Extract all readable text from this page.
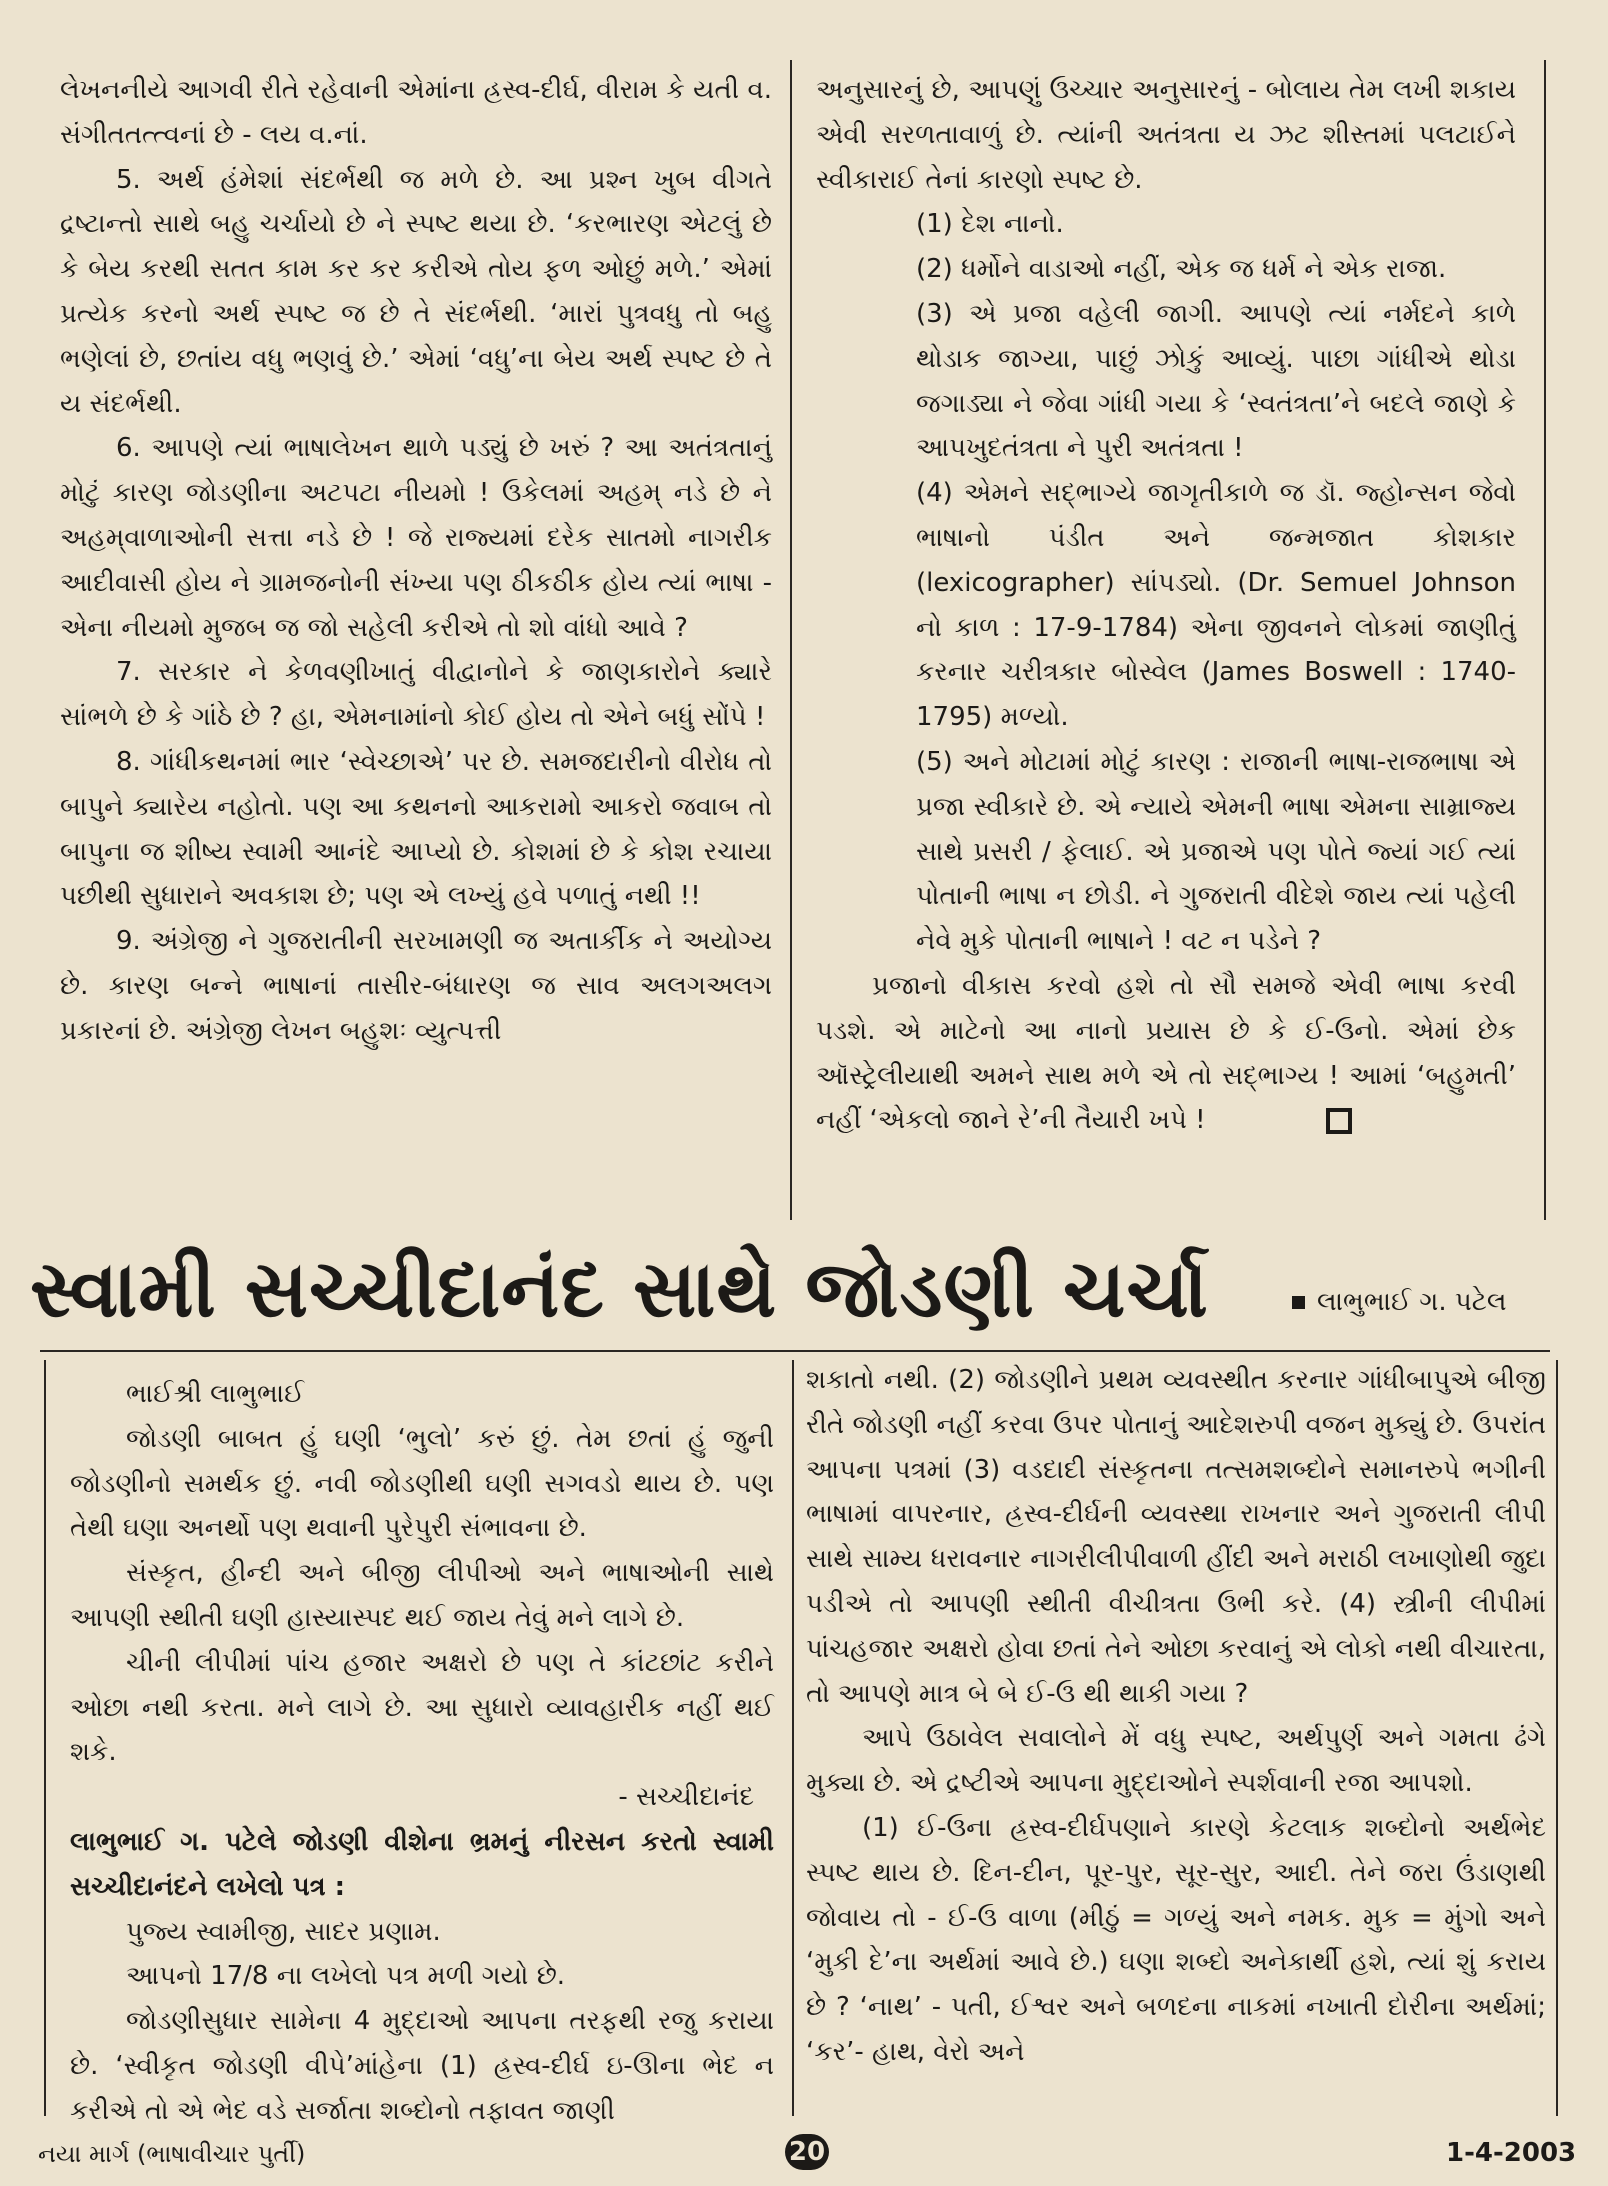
લેખનનીયે આગવી રીતે રહેવાની એમાંના હ્રસ્વ-દીર્ઘ, વીરામ કે યતી વ. સંગીતતત્ત્વનાં છે - લય વ.નાં.

5. અર્થ હંમેશાં સંદર્ભથી જ મળે છે. આ પ્રશ્ન ખુબ વીગતે દ્રષ્ટાન્તો સાથે બહુ ચર્ચાયો છે ને સ્પષ્ટ થયા છે. ‘કરભારણ એટલું છે કે બેય કરથી સતત કામ કર કર કરીએ તોય ફળ ઓછું મળે.’ એમાં પ્રત્યેક કરનો અર્થ સ્પષ્ટ જ છે તે સંદર્ભથી. ‘મારાં પુત્રવધુ તો બહુ ભણેલાં છે, છતાંય વધુ ભણવું છે.’ એમાં ‘વધુ’ના બેય અર્થ સ્પષ્ટ છે તે ય સંદર્ભથી.

6. આપણે ત્યાં ભાષાલેખન થાળે પડ્યું છે ખરું ? આ અતંત્રતાનું મોટું કારણ જોડણીના અટપટા નીયમો ! ઉકેલમાં અહમ્ નડે છે ને અહમ્‌વાળાઓની સત્તા નડે છે ! જે રાજ્યમાં દરેક સાતમો નાગરીક આદીવાસી હોય ને ગ્રામજનોની સંખ્યા પણ ઠીકઠીક હોય ત્યાં ભાષા - એના નીયમો મુજબ જ જો સહેલી કરીએ તો શો વાંધો આવે ?

7. સરકાર ને કેળવણીખાતું વીદ્વાનોને કે જાણકારોને ક્યારે સાંભળે છે કે ગાંઠે છે ? હા, એમનામાંનો કોઈ હોય તો એને બધું સોંપે !

8. ગાંધીકથનમાં ભાર ‘સ્વેચ્છાએ’ પર છે. સમજદારીનો વીરોધ તો બાપુને ક્યારેય નહોતો. પણ આ કથનનો આકરામો આકરો જવાબ તો બાપુના જ શીષ્ય સ્વામી આનંદે આપ્યો છે. કોશમાં છે કે કોશ રચાયા પછીથી સુધારાને અવકાશ છે; પણ એ લખ્યું હવે પળાતું નથી !!

9. અંગ્રેજી ને ગુજરાતીની સરખામણી જ અતાર્કીક ને અયોગ્ય છે. કારણ બન્ને ભાષાનાં તાસીર-બંધારણ જ સાવ અલગઅલગ પ્રકારનાં છે. અંગ્રેજી લેખન બહુશઃ વ્યુત્પત્તી

અનુસારનું છે, આપણું ઉચ્ચાર અનુસારનું - બોલાય તેમ લખી શકાય એવી સરળતાવાળું છે. ત્યાંની અતંત્રતા ય ઝટ શીસ્તમાં પલટાઈને સ્વીકારાઈ તેનાં કારણો સ્પષ્ટ છે.

(1) દેશ નાનો.

(2) ધર્મોને વાડાઓ નહીં, એક જ ધર્મ ને એક રાજા.

(3) એ પ્રજા વહેલી જાગી. આપણે ત્યાં નર્મદને કાળે થોડાક જાગ્યા, પાછું ઝોકું આવ્યું. પાછા ગાંધીએ થોડા જગાડ્યા ને જેવા ગાંધી ગયા કે ‘સ્વતંત્રતા’ને બદલે જાણે કે આપખુદતંત્રતા ને પુરી અતંત્રતા !

(4) એમને સદ્‌ભાગ્યે જાગૃતીકાળે જ ડૉ. જ્હોન્સન જેવો ભાષાનો પંડીત અને જન્મજાત કોશકાર (lexicographer) સાંપડ્યો. (Dr. Semuel Johnson નો કાળ : 17-9-1784) એના જીવનને લોકમાં જાણીતું કરનાર ચરીત્રકાર બોસ્વેલ (James Boswell : 1740-1795) મળ્યો.

(5) અને મોટામાં મોટું કારણ : રાજાની ભાષા-રાજભાષા એ પ્રજા સ્વીકારે છે. એ ન્યાયે એમની ભાષા એમના સામ્રાજ્ય સાથે પ્રસરી / ફેલાઈ. એ પ્રજાએ પણ પોતે જ્યાં ગઈ ત્યાં પોતાની ભાષા ન છોડી. ને ગુજરાતી વીદેશે જાય ત્યાં પહેલી નેવે મુકે પોતાની ભાષાને ! વટ ન પડેને ?

પ્રજાનો વીકાસ કરવો હશે તો સૌ સમજે એવી ભાષા કરવી પડશે. એ માટેનો આ નાનો પ્રયાસ છે કે ઈ-ઉનો. એમાં છેક ઑસ્ટ્રેલીયાથી અમને સાથ મળે એ તો સદ્‌ભાગ્ય ! આમાં ‘બહુમતી’ નહીં ‘એકલો જાને રે’ની તૈયારી ખપે !

સ્વામી સચ્ચીદાનંદ સાથે જોડણી ચર્ચા	લાભુભાઈ ગ. પટેલ

ભાઈશ્રી લાભુભાઈ

જોડણી બાબત હું ઘણી ‘ભુલો’ કરું છું. તેમ છતાં હું જુની જોડણીનો સમર્થક છું. નવી જોડણીથી ઘણી સગવડો થાય છે. પણ તેથી ઘણા અનર્થો પણ થવાની પુરેપુરી સંભાવના છે.

સંસ્કૃત, હીન્દી અને બીજી લીપીઓ અને ભાષાઓની સાથે આપણી સ્થીતી ઘણી હાસ્યાસ્પદ થઈ જાય તેવું મને લાગે છે.

ચીની લીપીમાં પાંચ હજાર અક્ષરો છે પણ તે કાંટછાંટ કરીને ઓછા નથી કરતા. મને લાગે છે. આ સુધારો વ્યાવહારીક નહીં થઈ શકે.

- સચ્ચીદાનંદ

લાભુભાઈ ગ. પટેલે જોડણી વીશેના ભ્રમનું નીરસન કરતો સ્વામી સચ્ચીદાનંદને લખેલો પત્ર :

પુજ્ય સ્વામીજી, સાદર પ્રણામ.

આપનો 17/8 ના લખેલો પત્ર મળી ગયો છે.

જોડણીસુધાર સામેના 4 મુદ્દાઓ આપના તરફથી રજુ કરાયા છે. ‘સ્વીકૃત જોડણી વીપે’માંહેના (1) હ્રસ્વ-દીર્ઘ ઇ-ઊના ભેદ ન કરીએ તો એ ભેદ વડે સર્જાતા શબ્દોનો તફાવત જાણી

શકાતો નથી. (2) જોડણીને પ્રથમ વ્યવસ્થીત કરનાર ગાંધીબાપુએ બીજી રીતે જોડણી નહીં કરવા ઉપર પોતાનું આદેશરુપી વજન મુક્યું છે. ઉપરાંત આપના પત્રમાં (3) વડદાદી સંસ્કૃતના તત્સમશબ્દોને સમાનરુપે ભગીની ભાષામાં વાપરનાર, હ્રસ્વ-દીર્ઘની વ્યવસ્થા રાખનાર અને ગુજરાતી લીપી સાથે સામ્ય ધરાવનાર નાગરીલીપીવાળી હીંદી અને મરાઠી લખાણોથી જુદા પડીએ તો આપણી સ્થીતી વીચીત્રતા ઉભી કરે. (4) સ્ત્રીની લીપીમાં પાંચહજાર અક્ષરો હોવા છતાં તેને ઓછા કરવાનું એ લોકો નથી વીચારતા, તો આપણે માત્ર બે બે ઈ-ઉ થી થાકી ગયા ?

આપે ઉઠાવેલ સવાલોને મેં વધુ સ્પષ્ટ, અર્થપુર્ણ અને ગમતા ઢંગે મુક્યા છે. એ દ્રષ્ટીએ આપના મુદ્દાઓને સ્પર્શવાની રજા આપશો.

(1) ઈ-ઉના હ્રસ્વ-દીર્ઘપણાને કારણે કેટલાક શબ્દોનો અર્થભેદ સ્પષ્ટ થાય છે. દિન-દીન, પૂર-પુર, સૂર-સુર, આદી. તેને જરા ઉંડાણથી જોવાય તો - ઈ-ઉ વાળા (મીઠું = ગળ્યું અને નમક. મુક = મુંગો અને ‘મુકી દે’ના અર્થમાં આવે છે.) ઘણા શબ્દો અનેકાર્થી હશે, ત્યાં શું કરાય છે ? ‘નાથ’ - પતી, ઈશ્વર અને બળદના નાકમાં નખાતી દોરીના અર્થમાં; ‘કર’- હાથ, વેરો અને

નયા માર્ગ (ભાષાવીચાર પુર્તી)	20	1-4-2003
